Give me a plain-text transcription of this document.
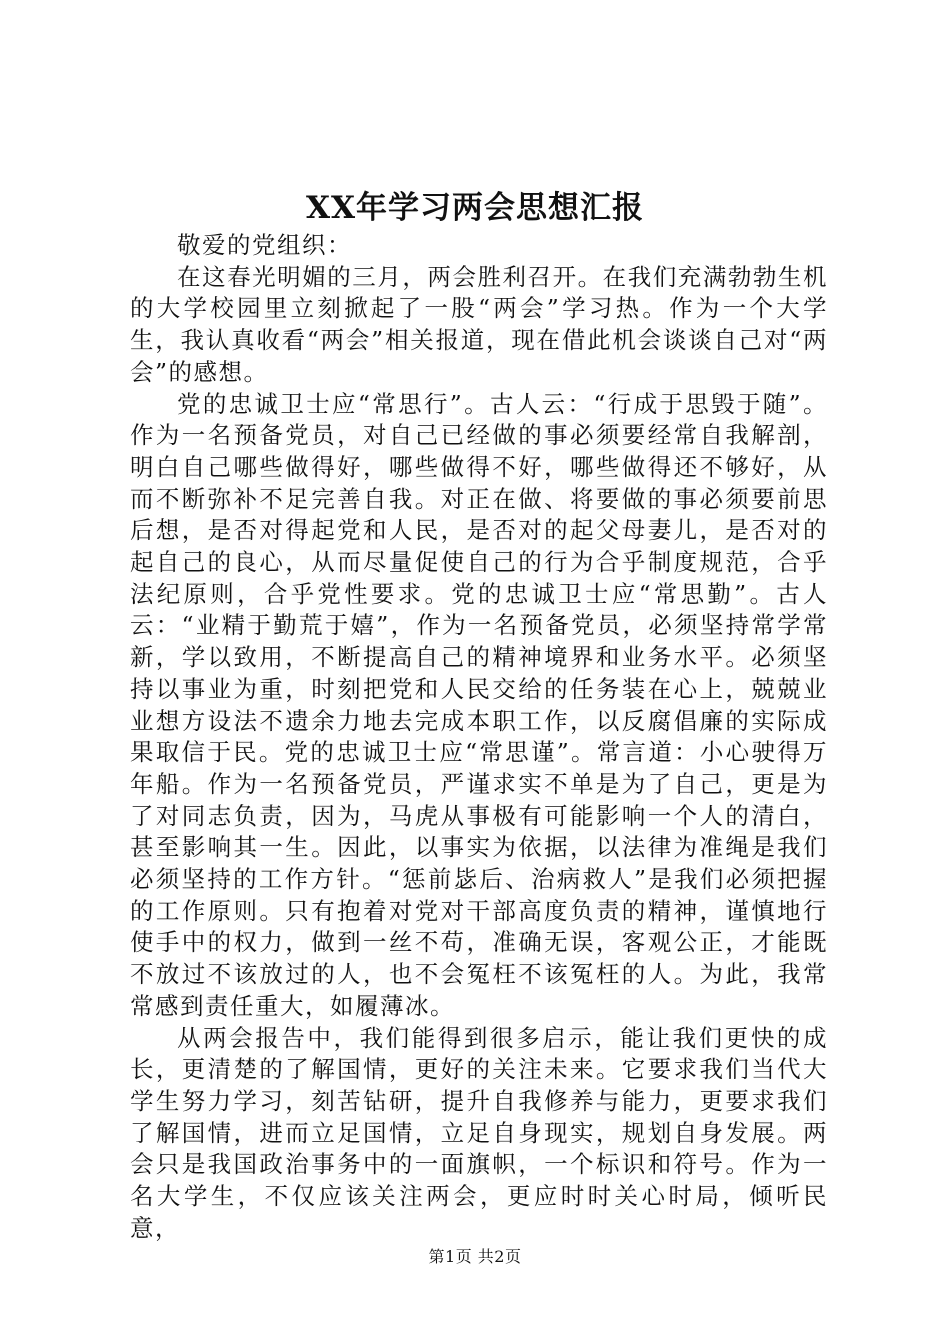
XX年学习两会思想汇报

敬爱的党组织：

在这春光明媚的三月，两会胜利召开。在我们充满勃勃生机的大学校园里立刻掀起了一股“两会”学习热。作为一个大学生，我认真收看“两会”相关报道，现在借此机会谈谈自己对“两会”的感想。

党的忠诚卫士应“常思行”。古人云：“行成于思毁于随”。作为一名预备党员，对自己已经做的事必须要经常自我解剖，明白自己哪些做得好，哪些做得不好，哪些做得还不够好，从而不断弥补不足完善自我。对正在做、将要做的事必须要前思后想，是否对得起党和人民，是否对的起父母妻儿，是否对的起自己的良心，从而尽量促使自己的行为合乎制度规范，合乎法纪原则，合乎党性要求。党的忠诚卫士应“常思勤”。古人云：“业精于勤荒于嬉”，作为一名预备党员，必须坚持常学常新，学以致用，不断提高自己的精神境界和业务水平。必须坚持以事业为重，时刻把党和人民交给的任务装在心上，兢兢业业想方设法不遗余力地去完成本职工作，以反腐倡廉的实际成果取信于民。党的忠诚卫士应“常思谨”。常言道：小心驶得万年船。作为一名预备党员，严谨求实不单是为了自己，更是为了对同志负责，因为，马虎从事极有可能影响一个人的清白，甚至影响其一生。因此，以事实为依据，以法律为准绳是我们必须坚持的工作方针。“惩前毖后、治病救人”是我们必须把握的工作原则。只有抱着对党对干部高度负责的精神，谨慎地行使手中的权力，做到一丝不苟，准确无误，客观公正，才能既不放过不该放过的人，也不会冤枉不该冤枉的人。为此，我常常感到责任重大，如履薄冰。

从两会报告中，我们能得到很多启示，能让我们更快的成长，更清楚的了解国情，更好的关注未来。它要求我们当代大学生努力学习，刻苦钻研，提升自我修养与能力，更要求我们了解国情，进而立足国情，立足自身现实，规划自身发展。两会只是我国政治事务中的一面旗帜，一个标识和符号。作为一名大学生，不仅应该关注两会，更应时时关心时局，倾听民意，

第1页 共2页
